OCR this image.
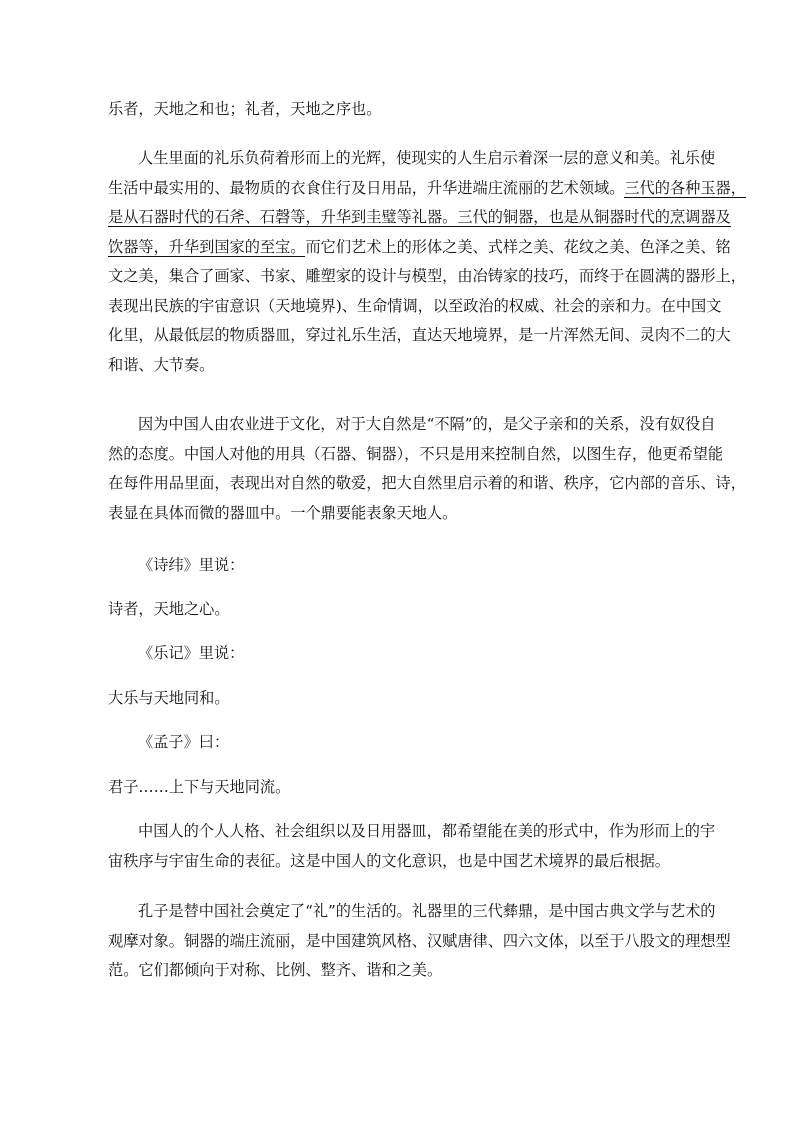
乐者，天地之和也；礼者，天地之序也。
人生里面的礼乐负荷着形而上的光辉，使现实的人生启示着深一层的意义和美。礼乐使
生活中最实用的、最物质的衣食住行及日用品，升华进端庄流丽的艺术领域。三代的各种玉器，
是从石器时代的石斧、石磬等，升华到圭璧等礼器。三代的铜器，也是从铜器时代的烹调器及
饮器等，升华到国家的至宝。而它们艺术上的形体之美、式样之美、花纹之美、色泽之美、铭
文之美，集合了画家、书家、雕塑家的设计与模型，由冶铸家的技巧，而终于在圆满的器形上，
表现出民族的宇宙意识（天地境界)、生命情调，以至政治的权威、社会的亲和力。在中国文
化里，从最低层的物质器皿，穿过礼乐生活，直达天地境界，是一片浑然无间、灵肉不二的大
和谐、大节奏。
因为中国人由农业进于文化，对于大自然是“不隔”的，是父子亲和的关系，没有奴役自
然的态度。中国人对他的用具（石器、铜器），不只是用来控制自然，以图生存，他更希望能
在每件用品里面，表现出对自然的敬爱，把大自然里启示着的和谐、秩序，它内部的音乐、诗，
表显在具体而微的器皿中。一个鼎要能表象天地人。
《诗纬》里说：
诗者，天地之心。
《乐记》里说：
大乐与天地同和。
《孟子》曰：
君子……上下与天地同流。
中国人的个人人格、社会组织以及日用器皿，都希望能在美的形式中，作为形而上的宇
宙秩序与宇宙生命的表征。这是中国人的文化意识，也是中国艺术境界的最后根据。
孔子是替中国社会奠定了“礼”的生活的。礼器里的三代彝鼎，是中国古典文学与艺术的
观摩对象。铜器的端庄流丽，是中国建筑风格、汉赋唐律、四六文体，以至于八股文的理想型
范。它们都倾向于对称、比例、整齐、谐和之美。
